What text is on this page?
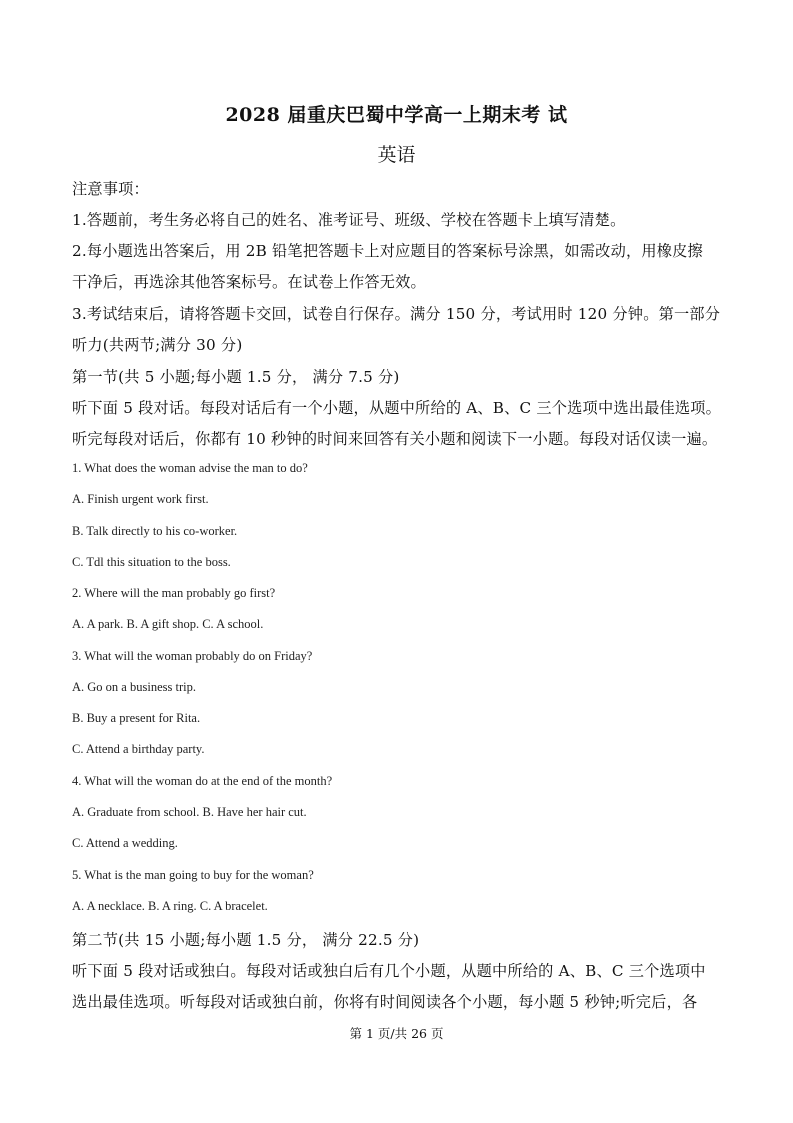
2028 届重庆巴蜀中学高一上期末考 试
英语
注意事项：
1.答题前，考生务必将自己的姓名、准考证号、班级、学校在答题卡上填写清楚。
2.每小题选出答案后，用 2B 铅笔把答题卡上对应题目的答案标号涂黑，如需改动，用橡皮擦
干净后，再选涂其他答案标号。在试卷上作答无效。
3.考试结束后，请将答题卡交回，试卷自行保存。满分 150 分，考试用时 120 分钟。第一部分
听力(共两节;满分 30 分)
第一节(共 5 小题;每小题 1.5 分， 满分 7.5 分)
听下面 5 段对话。每段对话后有一个小题，从题中所给的 A、B、C 三个选项中选出最佳选项。
听完每段对话后，你都有 10 秒钟的时间来回答有关小题和阅读下一小题。每段对话仅读一遍。
1. What does the woman advise the man to do?
A. Finish urgent work first.
B. Talk directly to his co-worker.
C. Tdl this situation to the boss.
2. Where will the man probably go first?
A. A park. B. A gift shop. C. A school.
3. What will the woman probably do on Friday?
A. Go on a business trip.
B. Buy a present for Rita.
C. Attend a birthday party.
4. What will the woman do at the end of the month?
A. Graduate from school. B. Have her hair cut.
C. Attend a wedding.
5. What is the man going to buy for the woman?
A. A necklace. B. A ring. C. A bracelet.
第二节(共 15 小题;每小题 1.5 分， 满分 22.5 分)
听下面 5 段对话或独白。每段对话或独白后有几个小题，从题中所给的 A、B、C 三个选项中
选出最佳选项。听每段对话或独白前，你将有时间阅读各个小题，每小题 5 秒钟;听完后，各
第 1 页/共 26 页
